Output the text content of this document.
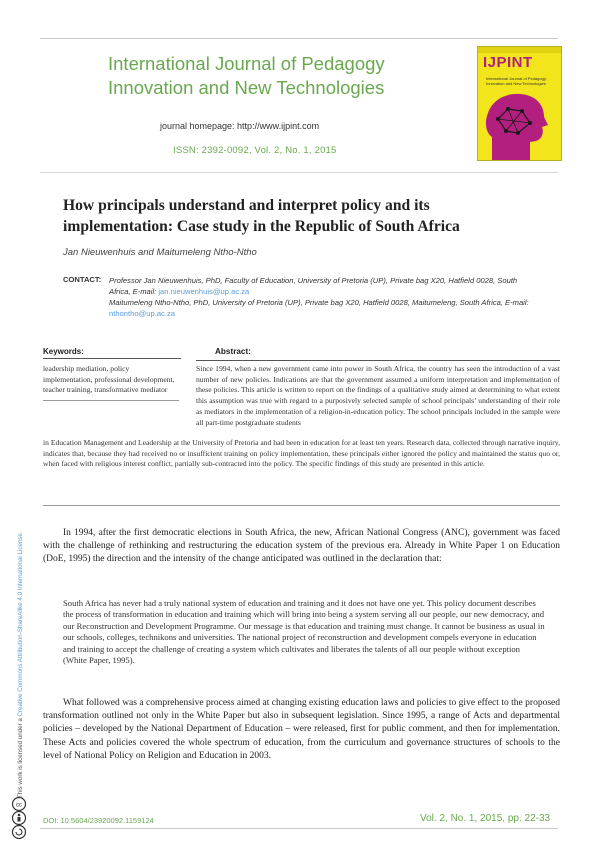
International Journal of Pedagogy
Innovation and New Technologies
journal homepage: http://www.ijpint.com
ISSN: 2392-0092, Vol. 2, No. 1, 2015
IJPINT
International Journal of Pedagogy, Innovation and New Technologies
How principals understand and interpret policy and its implementation: Case study in the Republic of South Africa
Jan Nieuwenhuis and Maitumeleng Ntho-Ntho
CONTACT: Professor Jan Nieuwenhuis, PhD, Faculty of Education, University of Pretoria (UP), Private bag X20, Hatfield 0028, South Africa, E-mail: jan.nieuwenhuis@up.ac.za
Maitumeleng Ntho-Ntho, PhD, University of Pretoria (UP), Private bag X20, Hatfield 0028, Maitumeleng, South Africa, E-mail: nthontho@up.ac.za
Keywords:
leadership mediation, policy implementation, professional development, teacher training, transformative mediator
Abstract:
Since 1994, when a new government came into power in South Africa, the country has seen the introduction of a vast number of new policies. Indications are that the government assumed a uniform interpretation and implementation of these policies. This article is written to report on the findings of a qualitative study aimed at determining to what extent this assumption was true with regard to a purposively selected sample of school principals’ understanding of their role as mediators in the implementation of a religion-in-education policy. The school principals included in the sample were all part-time postgraduate students
in Education Management and Leadership at the University of Pretoria and had been in education for at least ten years. Research data, collected through narrative inquiry, indicates that, because they had received no or insufficient training on policy implementation, these principals either ignored the policy and maintained the status quo or, when faced with religious interest conflict, partially sub-contracted into the policy. The specific findings of this study are presented in this article.
In 1994, after the first democratic elections in South Africa, the new, African National Congress (ANC), government was faced with the challenge of rethinking and restructuring the education system of the previous era. Already in White Paper 1 on Education (DoE, 1995) the direction and the intensity of the change anticipated was outlined in the declaration that:
South Africa has never had a truly national system of education and training and it does not have one yet. This policy document describes the process of transformation in education and training which will bring into being a system serving all our people, our new democracy, and our Reconstruction and Development Programme. Our message is that education and training must change. It cannot be business as usual in our schools, colleges, technikons and universities. The national project of reconstruction and development compels everyone in education and training to accept the challenge of creating a system which cultivates and liberates the talents of all our people without exception (White Paper, 1995).
What followed was a comprehensive process aimed at changing existing education laws and policies to give effect to the proposed transformation outlined not only in the White Paper but also in subsequent legislation. Since 1995, a range of Acts and departmental policies – developed by the National Department of Education – were released, first for public comment, and then for implementation. These Acts and policies covered the whole spectrum of education, from the curriculum and governance structures of schools to the level of National Policy on Religion and Education in 2003.
This work is licensed under a Creative Commons Attribution-ShareAlike 4.0 International License.
cc
DOI: 10.5604/23920092.1159124	Vol. 2, No. 1, 2015, pp. 22-33
